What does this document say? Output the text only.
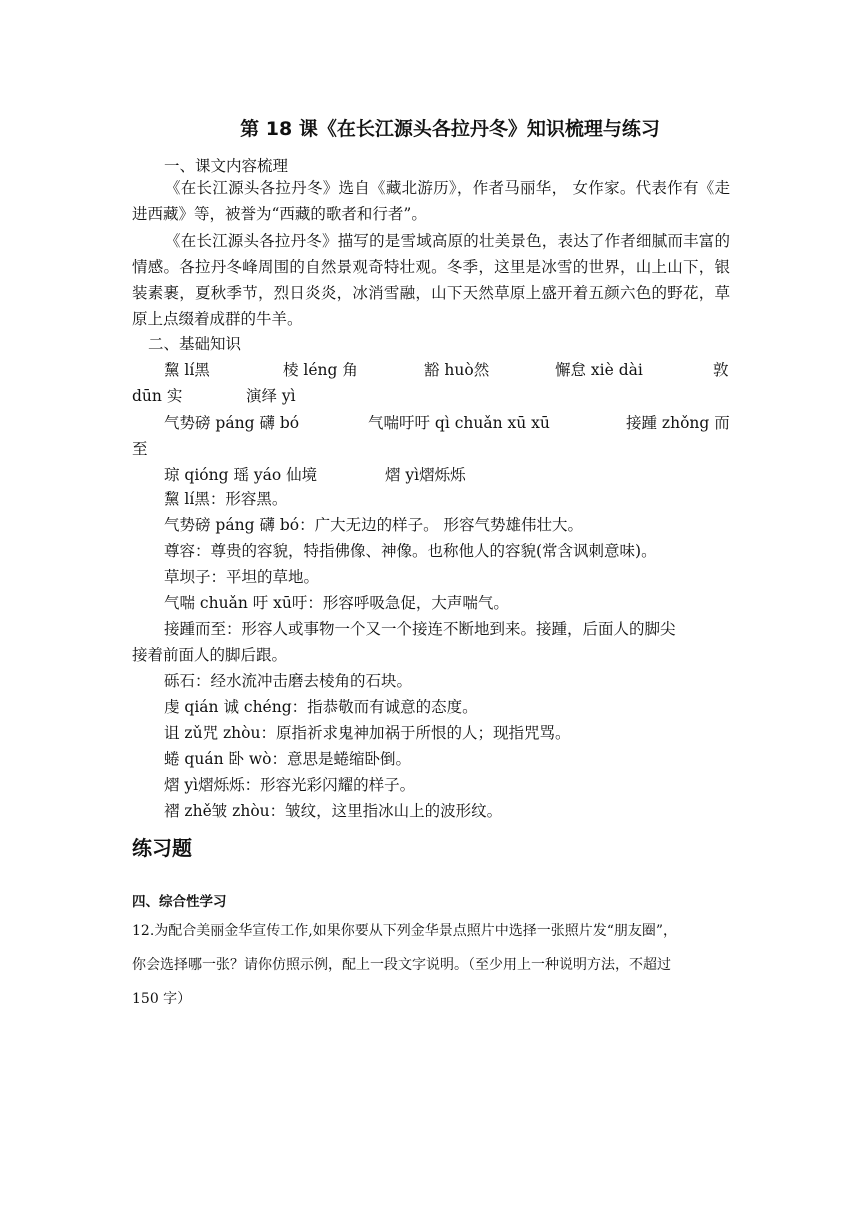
第 18 课《在长江源头各拉丹冬》知识梳理与练习
一、课文内容梳理
《在长江源头各拉丹冬》选自《藏北游历》，作者马丽华， 女作家。代表作有《走进西藏》等，被誉为“西藏的歌者和行者”。
《在长江源头各拉丹冬》描写的是雪域高原的壮美景色，表达了作者细腻而丰富的情感。各拉丹冬峰周围的自然景观奇特壮观。冬季，这里是冰雪的世界，山上山下，银装素裹，夏秋季节，烈日炎炎，冰消雪融，山下天然草原上盛开着五颜六色的野花，草原上点缀着成群的牛羊。
二、基础知识
黧 lí黑	棱 léng 角	豁 huò然	懈怠 xiè dài	敦
dūn 实	演绎 yì
气势磅 páng 礴 bó	气喘吁吁 qì chuǎn xū xū	接踵 zhǒng 而
至
琼 qióng 瑶 yáo 仙境	熠 yì熠烁烁
黧 lí黑：形容黑。
气势磅 páng 礴 bó：广大无边的样子。 形容气势雄伟壮大。
尊容：尊贵的容貌，特指佛像、神像。也称他人的容貌(常含讽刺意味)。
草坝子：平坦的草地。
气喘 chuǎn 吁 xū吁：形容呼吸急促，大声喘气。
接踵而至：形容人或事物一个又一个接连不断地到来。接踵，后面人的脚尖
接着前面人的脚后跟。
砾石：经水流冲击磨去棱角的石块。
虔 qián 诚 chéng：指恭敬而有诚意的态度。
诅 zǔ咒 zhòu：原指祈求鬼神加祸于所恨的人；现指咒骂。
蜷 quán 卧 wò：意思是蜷缩卧倒。
熠 yì熠烁烁：形容光彩闪耀的样子。
褶 zhě皱 zhòu：皱纹，这里指冰山上的波形纹。
练习题
四、综合性学习
12.为配合美丽金华宣传工作,如果你要从下列金华景点照片中选择一张照片发“朋友圈”，
你会选择哪一张？请你仿照示例，配上一段文字说明。（至少用上一种说明方法，不超过
150 字）
